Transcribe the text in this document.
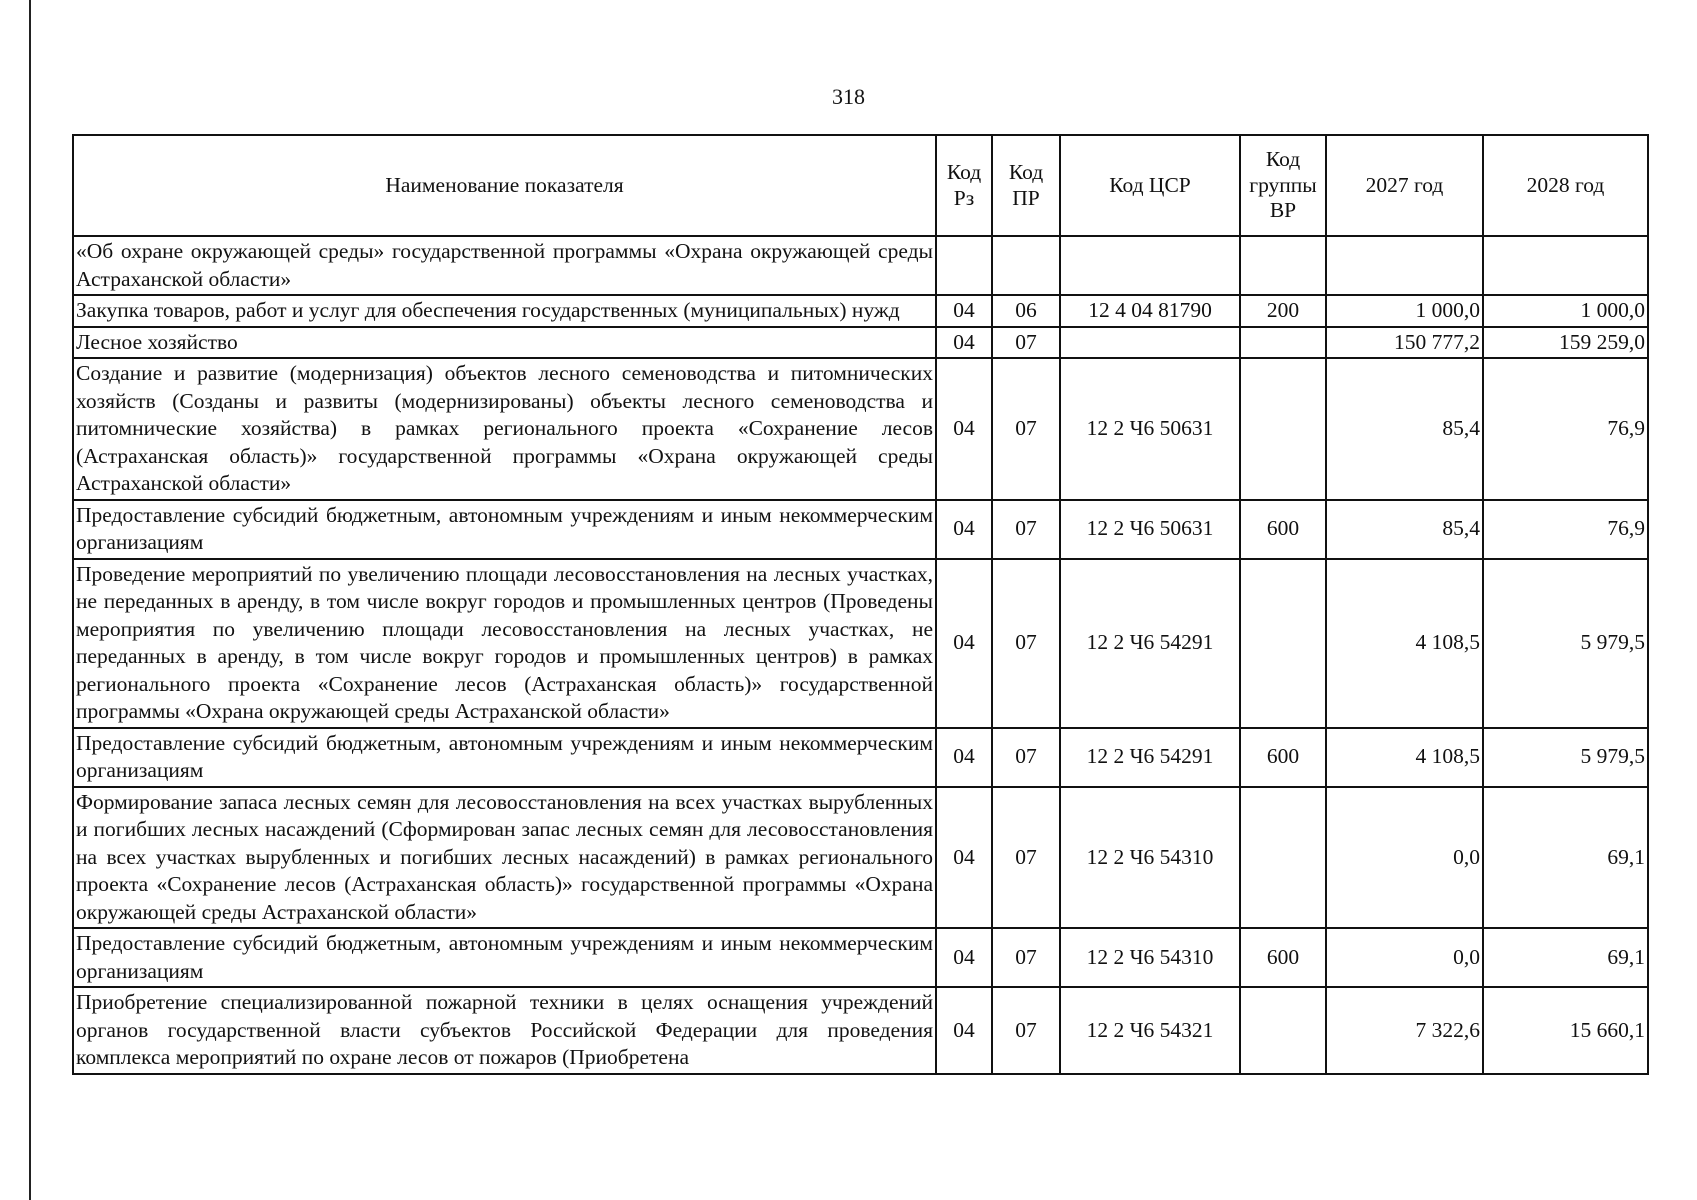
318
Наименование показателя	Код Рз	Код ПР	Код ЦСР	Код группы ВР	2027 год	2028 год
«Об охране окружающей среды» государственной программы «Охрана окружающей среды Астраханской области»						
Закупка товаров, работ и услуг для обеспечения государственных (муниципальных) нужд	04	06	12 4 04 81790	200	1 000,0	1 000,0
Лесное хозяйство	04	07			150 777,2	159 259,0
Создание и развитие (модернизация) объектов лесного семеноводства и питомнических хозяйств (Созданы и развиты (модернизированы) объекты лесного семеноводства и питомнические хозяйства) в рамках регионального проекта «Сохранение лесов (Астраханская область)» государственной программы «Охрана окружающей среды Астраханской области»	04	07	12 2 Ч6 50631		85,4	76,9
Предоставление субсидий бюджетным, автономным учреждениям и иным некоммерческим организациям	04	07	12 2 Ч6 50631	600	85,4	76,9
Проведение мероприятий по увеличению площади лесовосстановления на лесных участках, не переданных в аренду, в том числе вокруг городов и промышленных центров (Проведены мероприятия по увеличению площади лесовосстановления на лесных участках, не переданных в аренду, в том числе вокруг городов и промышленных центров) в рамках регионального проекта «Сохранение лесов (Астраханская область)» государственной программы «Охрана окружающей среды Астраханской области»	04	07	12 2 Ч6 54291		4 108,5	5 979,5
Предоставление субсидий бюджетным, автономным учреждениям и иным некоммерческим организациям	04	07	12 2 Ч6 54291	600	4 108,5	5 979,5
Формирование запаса лесных семян для лесовосстановления на всех участках вырубленных и погибших лесных насаждений (Сформирован запас лесных семян для лесовосстановления на всех участках вырубленных и погибших лесных насаждений) в рамках регионального проекта «Сохранение лесов (Астраханская область)» государственной программы «Охрана окружающей среды Астраханской области»	04	07	12 2 Ч6 54310		0,0	69,1
Предоставление субсидий бюджетным, автономным учреждениям и иным некоммерческим организациям	04	07	12 2 Ч6 54310	600	0,0	69,1
Приобретение специализированной пожарной техники в целях оснащения учреждений органов государственной власти субъектов Российской Федерации для проведения комплекса мероприятий по охране лесов от пожаров (Приобретена	04	07	12 2 Ч6 54321		7 322,6	15 660,1
